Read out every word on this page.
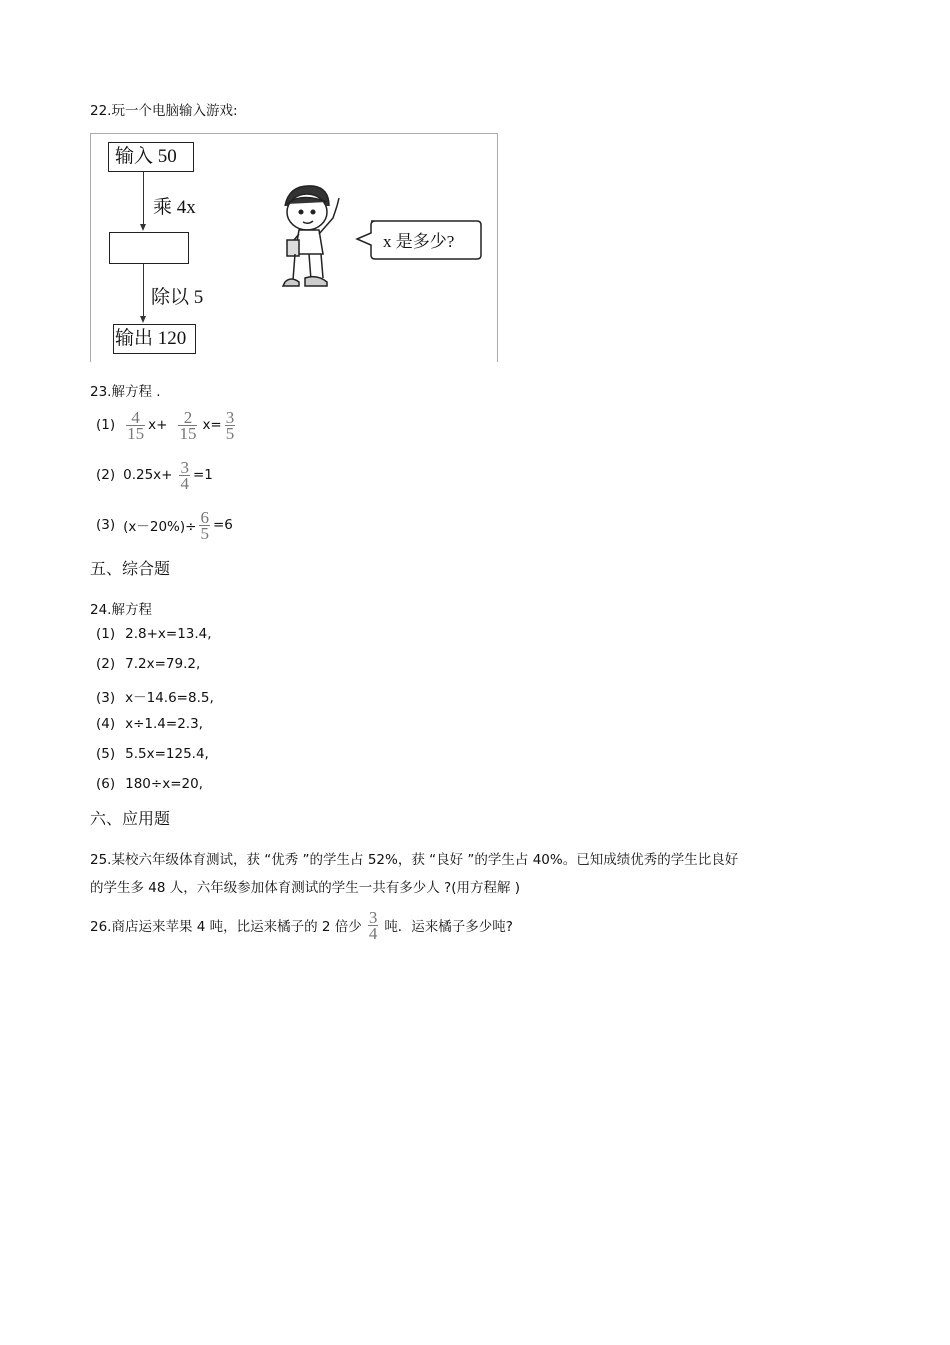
22.玩一个电脑输入游戏:
输入 50
乘 4x
除以 5
输出 120
x 是多少?
23.解方程 .
$(1) \frac{4}{15} x+ \frac{2}{15} x= \frac{3}{5}$
(2) $0.25x+ \frac{3}{4} =1$
(3) $(x-20\%)\div \frac{6}{5} =6$
五、综合题
24.解方程
(1) 2.8+x=13.4,
(2) 7.2x=79.2,
(3) x－14.6=8.5,
(4) x÷1.4=2.3,
(5) 5.5x=125.4,
(6) 180÷x=20,
六、应用题
25.某校六年级体育测试，获 “优秀 ”的学生占 52%，获 “良好 ”的学生占 40%。已知成绩优秀的学生比良好
的学生多 48 人，六年级参加体育测试的学生一共有多少人 ?(用方程解 )
26.商店运来苹果 4 吨，比运来橘子的 2 倍少 $\frac{3}{4}$ 吨．运来橘子多少吨?
